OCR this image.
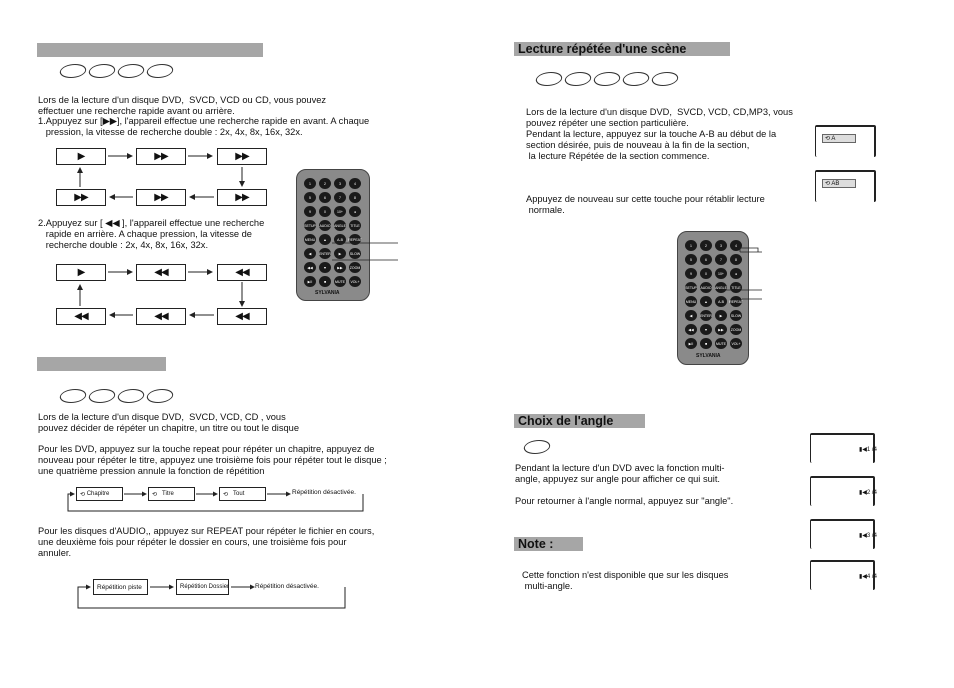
Lors de la lecture d'un disque DVD,  SVCD, VCD ou CD, vous pouvez
effectuer une recherche rapide avant ou arrière.
1.Appuyez sur [▶▶], l'appareil effectue une recherche rapide en avant. A chaque
pression, la vitesse de recherche double : 2x, 4x, 8x, 16x, 32x.
▶	▶▶	▶▶
▶▶
▶▶
▶▶
2.Appuyez sur [ ◀◀ ], l'appareil effectue une recherche
rapide en arrière. A chaque pression, la vitesse de
recherche double : 2x, 4x, 8x, 16x, 32x.
▶	◀◀	◀◀
◀◀
◀◀
◀◀
1	2	3	4
5	6	7	8
9	0	10+	●
SETUP AUDIO ANGLE	TITLE
MENU	▲	A-B	REPEAT
◀	ENTER	▶	SLOW
◀◀	▼	▶▶	ZOOM
▶II	■	MUTE	VOL+
SYLVANIA
Lors de la lecture d'un disque DVD,  SVCD, VCD, CD , vous
pouvez décider de répéter un chapitre, un titre ou tout le disque
Pour les DVD, appuyez sur la touche repeat pour répéter un chapitre, appuyez de
nouveau pour répéter le titre, appuyez une troisième fois pour répéter tout le disque ;
une quatrième pression annule la fonction de répétition
⟲
Chapitre	⟲
Titre	⟲
Tout	Répétition désactivée.
Pour les disques d'AUDIO,, appuyez sur REPEAT pour répéter le fichier en cours,
une deuxième fois pour répéter le dossier en cours, une troisième fois pour
annuler.
Répétition piste	Répétition Dossier	Répétition désactivée.
Lecture répétée d'une scène
Lors de la lecture d'un disque DVD,  SVCD, VCD, CD,MP3, vous
pouvez répéter une section particulière.
Pendant la lecture, appuyez sur la touche A-B au début de la
section désirée, puis de nouveau à la fin de la section,
la lecture Répétée de la section commence.
Appuyez de nouveau sur cette touche pour rétablir lecture
normale.
⟲ A
⟲ AB
1	2	3	4
5	6	7	8
9	0	10+	●
SETUP AUDIO ANGLE	TITLE
MENU	▲	A-B	REPEAT
◀	ENTER	▶	SLOW
◀◀	▼	▶▶	ZOOM
▶II	■	MUTE	VOL+
SYLVANIA
Choix de l'angle
Pendant la lecture d'un DVD avec la fonction multi-
angle, appuyez sur angle pour afficher ce qui suit.
Pour retourner à l'angle normal, appuyez sur "angle".
▮◀1 /4
▮◀2 /4
▮◀3 /4
▮◀4 /4
Note :
Cette fonction n'est disponible que sur les disques
multi-angle.
